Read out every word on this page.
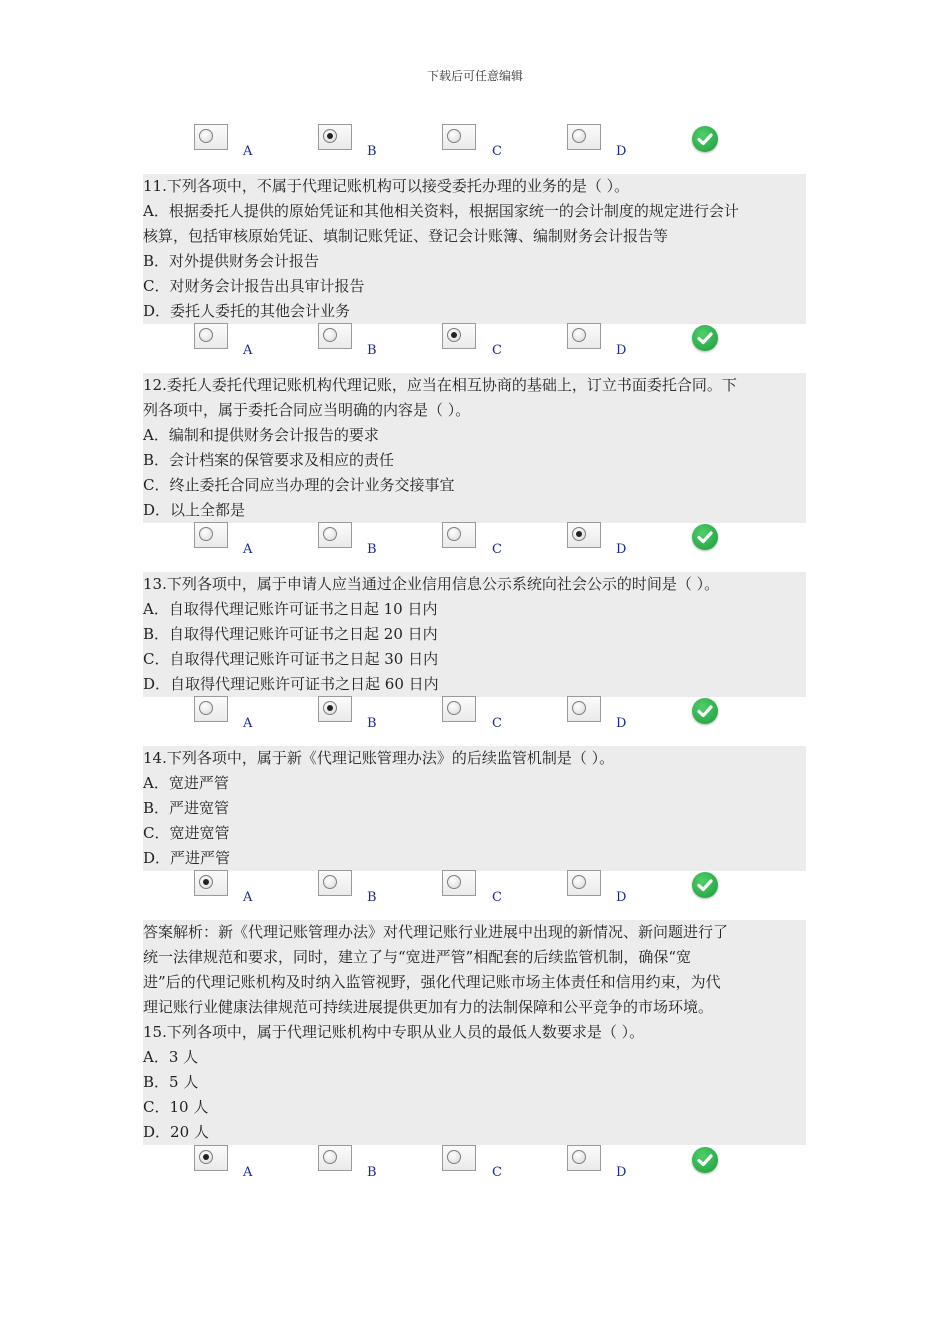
下载后可任意编辑
A	B	C	D
11.下列各项中，不属于代理记账机构可以接受委托办理的业务的是（ ）。
A．根据委托人提供的原始凭证和其他相关资料，根据国家统一的会计制度的规定进行会计
核算，包括审核原始凭证、填制记账凭证、登记会计账簿、编制财务会计报告等
B．对外提供财务会计报告
C．对财务会计报告出具审计报告
D．委托人委托的其他会计业务
A	B	C	D
12.委托人委托代理记账机构代理记账，应当在相互协商的基础上，订立书面委托合同。下
列各项中，属于委托合同应当明确的内容是（ ）。
A．编制和提供财务会计报告的要求
B．会计档案的保管要求及相应的责任
C．终止委托合同应当办理的会计业务交接事宜
D．以上全都是
A	B	C	D
13.下列各项中，属于申请人应当通过企业信用信息公示系统向社会公示的时间是（ ）。
A．自取得代理记账许可证书之日起 10 日内
B．自取得代理记账许可证书之日起 20 日内
C．自取得代理记账许可证书之日起 30 日内
D．自取得代理记账许可证书之日起 60 日内
A	B	C	D
14.下列各项中，属于新《代理记账管理办法》的后续监管机制是（ ）。
A．宽进严管
B．严进宽管
C．宽进宽管
D．严进严管
A	B	C	D
答案解析：新《代理记账管理办法》对代理记账行业进展中出现的新情况、新问题进行了
统一法律规范和要求，同时，建立了与“宽进严管”相配套的后续监管机制，确保“宽
进”后的代理记账机构及时纳入监管视野，强化代理记账市场主体责任和信用约束，为代
理记账行业健康法律规范可持续进展提供更加有力的法制保障和公平竞争的市场环境。
15.下列各项中，属于代理记账机构中专职从业人员的最低人数要求是（ ）。
A．3 人
B．5 人
C．10 人
D．20 人
A	B	C	D
